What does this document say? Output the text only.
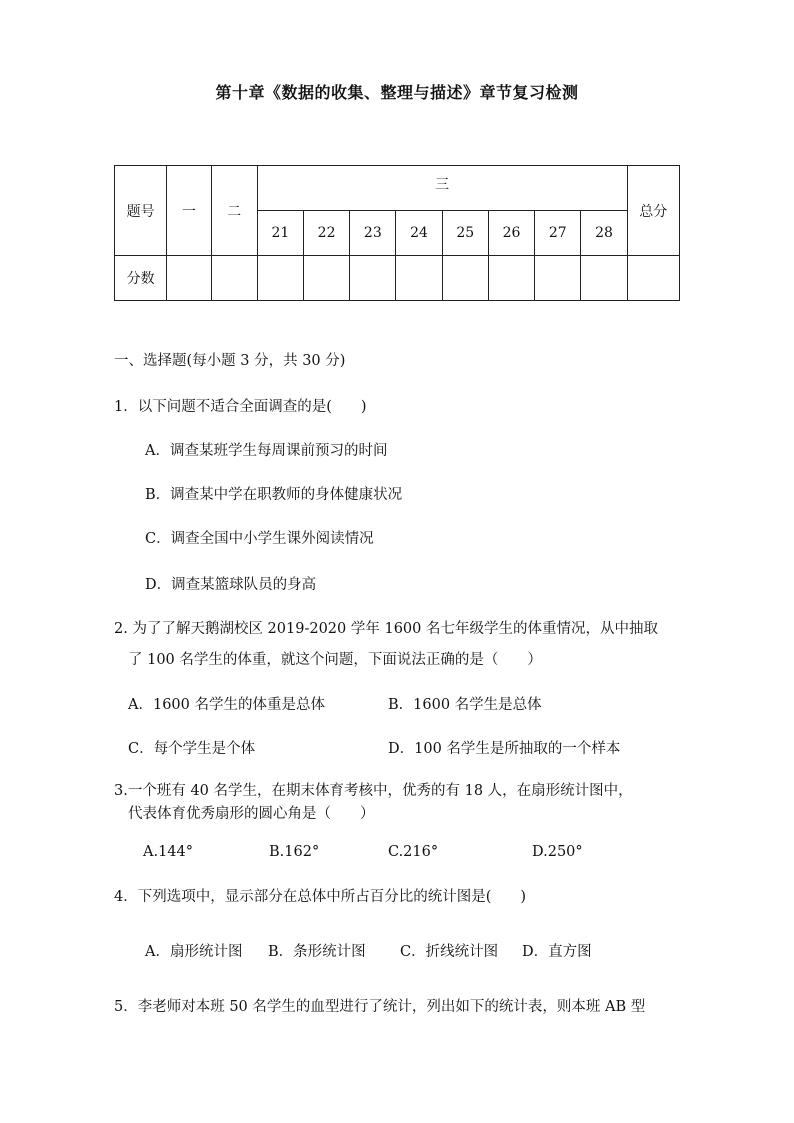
第十章《数据的收集、整理与描述》章节复习检测
题号	一	二	三								总分
			21	22	23	24	25	26	27	28	
分数											
一、选择题(每小题 3 分，共 30 分)
1．以下问题不适合全面调查的是(　　)
A．调查某班学生每周课前预习的时间
B．调查某中学在职教师的身体健康状况
C．调查全国中小学生课外阅读情况
D．调查某篮球队员的身高
2. 为了了解天鹅湖校区 2019-2020 学年 1600 名七年级学生的体重情况，从中抽取
了 100 名学生的体重，就这个问题，下面说法正确的是（　　）
A．1600 名学生的体重是总体	B．1600 名学生是总体
C．每个学生是个体	D．100 名学生是所抽取的一个样本
3.一个班有 40 名学生，在期末体育考核中，优秀的有 18 人，在扇形统计图中，
代表体育优秀扇形的圆心角是（　　）
A.144°	B.162°	C.216°	D.250°
4．下列选项中，显示部分在总体中所占百分比的统计图是(　　)
A．扇形统计图 B．条形统计图 C．折线统计图 D．直方图
5．李老师对本班 50 名学生的血型进行了统计，列出如下的统计表，则本班 AB 型
